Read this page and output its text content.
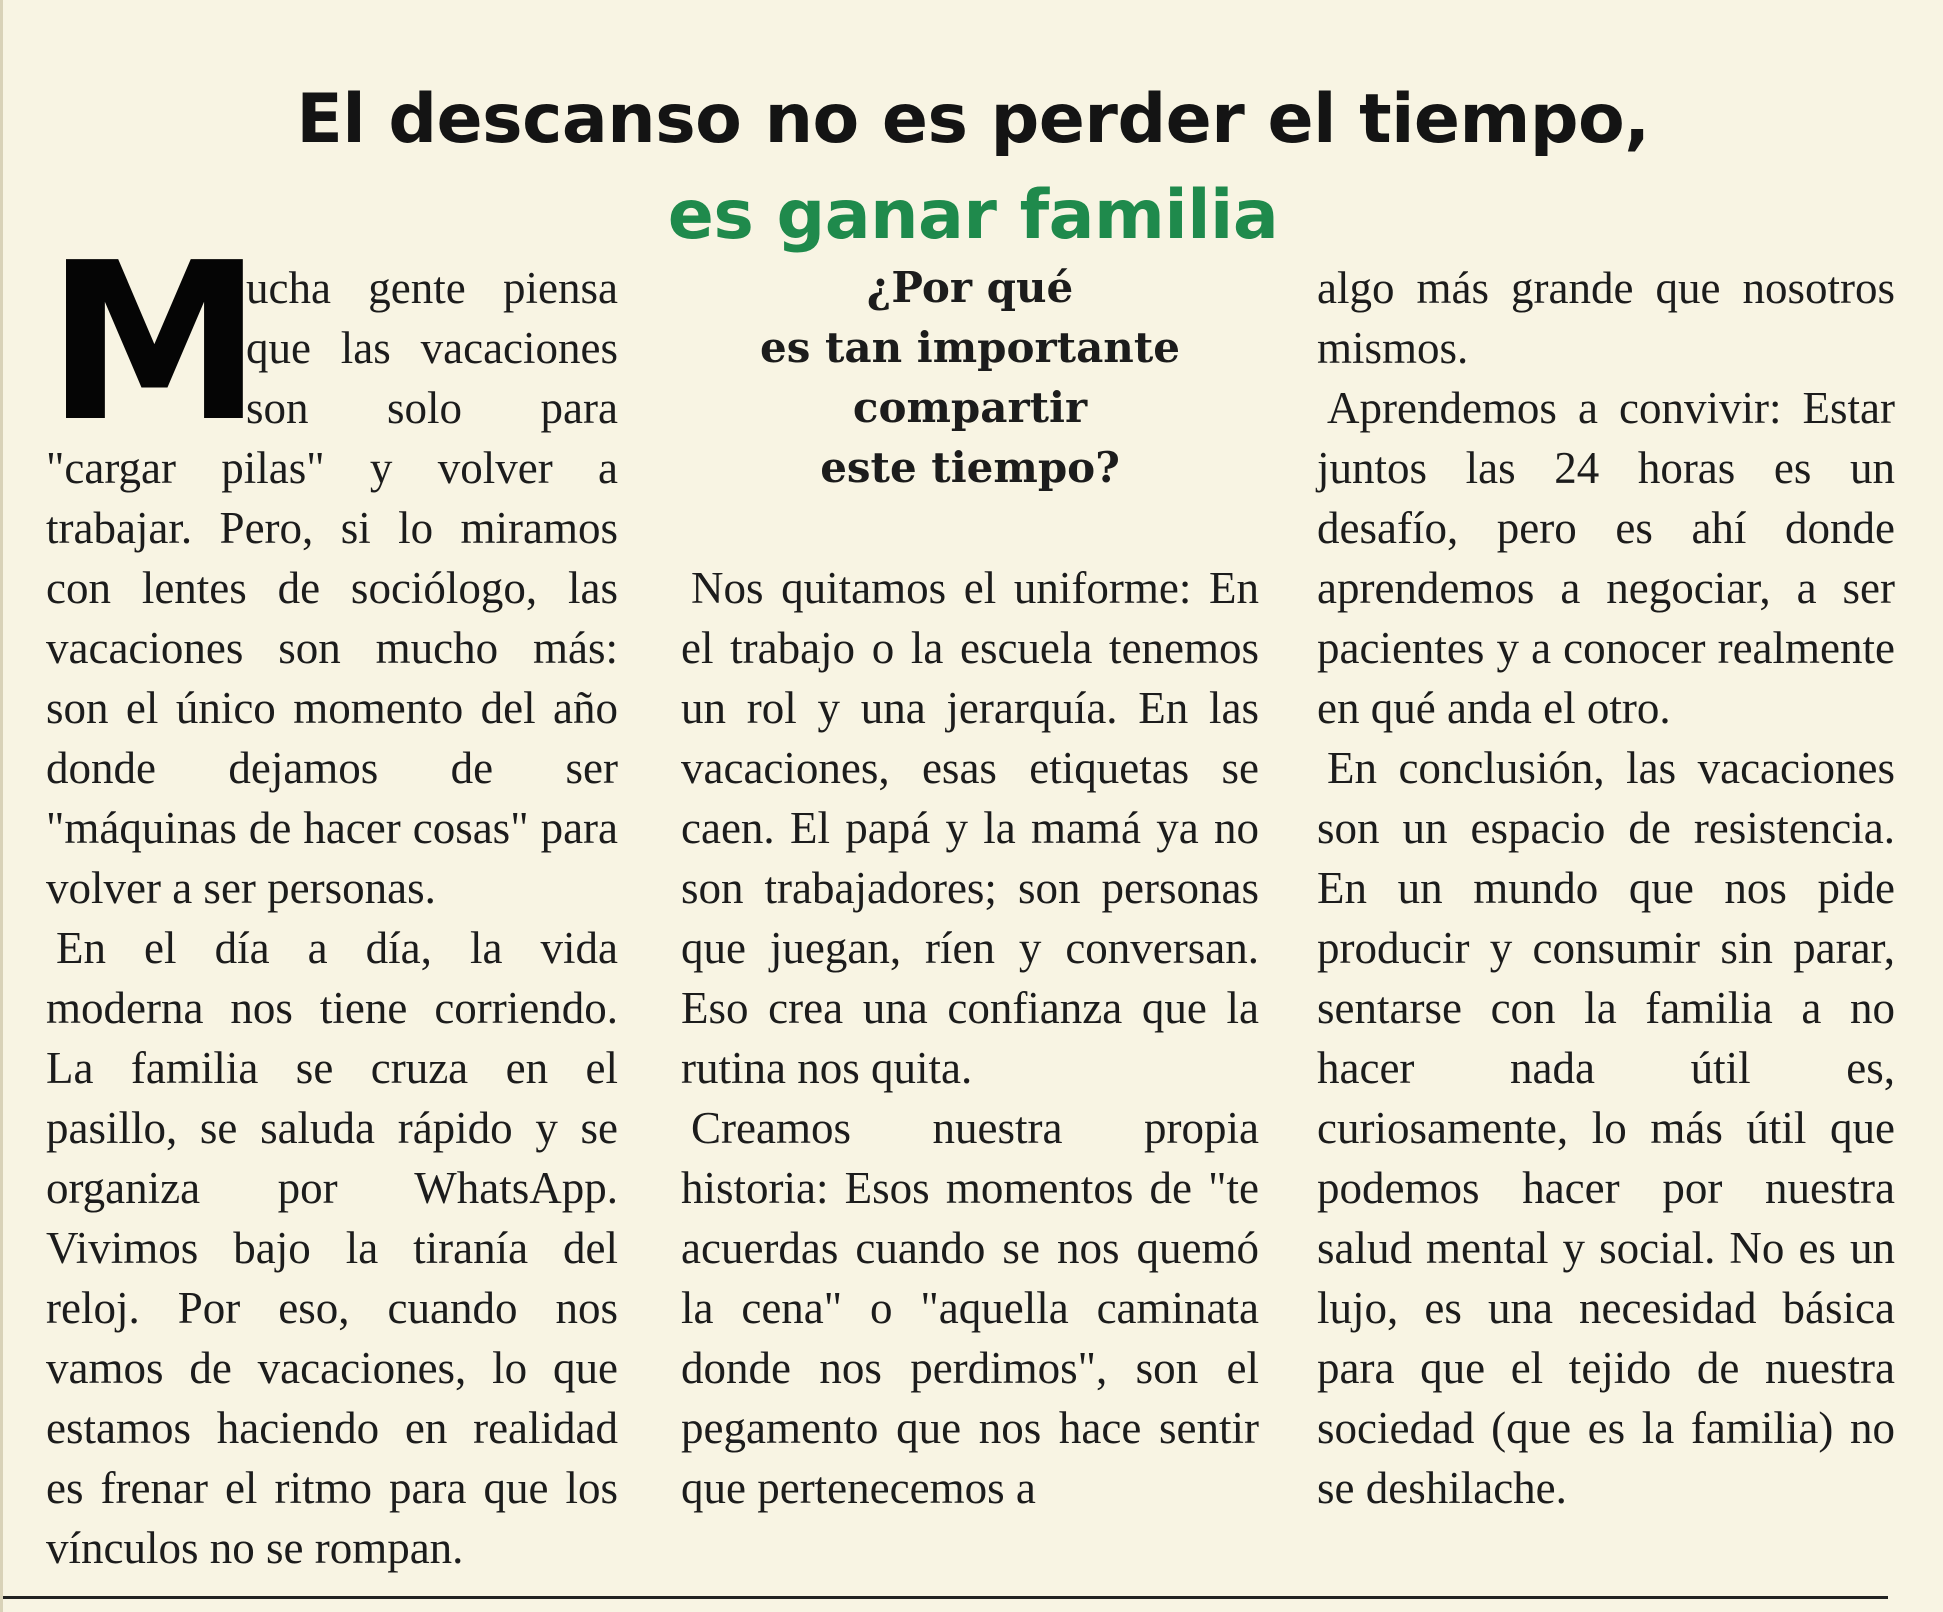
El descanso no es perder el tiempo,
es ganar familia

M
ucha gente piensa que las vacaciones son solo para "cargar pilas" y volver a trabajar. Pero, si lo miramos con lentes de sociólogo, las vacaciones son mucho más: son el único momento del año donde dejamos de ser "máquinas de hacer cosas" para volver a ser personas.

En el día a día, la vida moderna nos tiene corriendo. La familia se cruza en el pasillo, se saluda rápido y se organiza por WhatsApp. Vivimos bajo la tiranía del reloj. Por eso, cuando nos vamos de vacaciones, lo que estamos haciendo en realidad es frenar el ritmo para que los vínculos no se rompan.

¿Por qué
es tan importante
compartir
este tiempo?

Nos quitamos el uniforme: En el trabajo o la escuela tenemos un rol y una jerarquía. En las vacaciones, esas etiquetas se caen. El papá y la mamá ya no son trabajadores; son personas que juegan, ríen y conversan. Eso crea una confianza que la rutina nos quita.

Creamos nuestra propia historia: Esos momentos de "te acuerdas cuando se nos quemó la cena" o "aquella caminata donde nos perdimos", son el pegamento que nos hace sentir que pertenecemos a

algo más grande que nosotros mismos.

Aprendemos a convivir: Estar juntos las 24 horas es un desafío, pero es ahí donde aprendemos a negociar, a ser pacientes y a conocer realmente en qué anda el otro.

En conclusión, las vacaciones son un espacio de resistencia. En un mundo que nos pide producir y consumir sin parar, sentarse con la familia a no hacer nada útil es, curiosamente, lo más útil que podemos hacer por nuestra salud mental y social. No es un lujo, es una necesidad básica para que el tejido de nuestra sociedad (que es la familia) no se deshilache.
